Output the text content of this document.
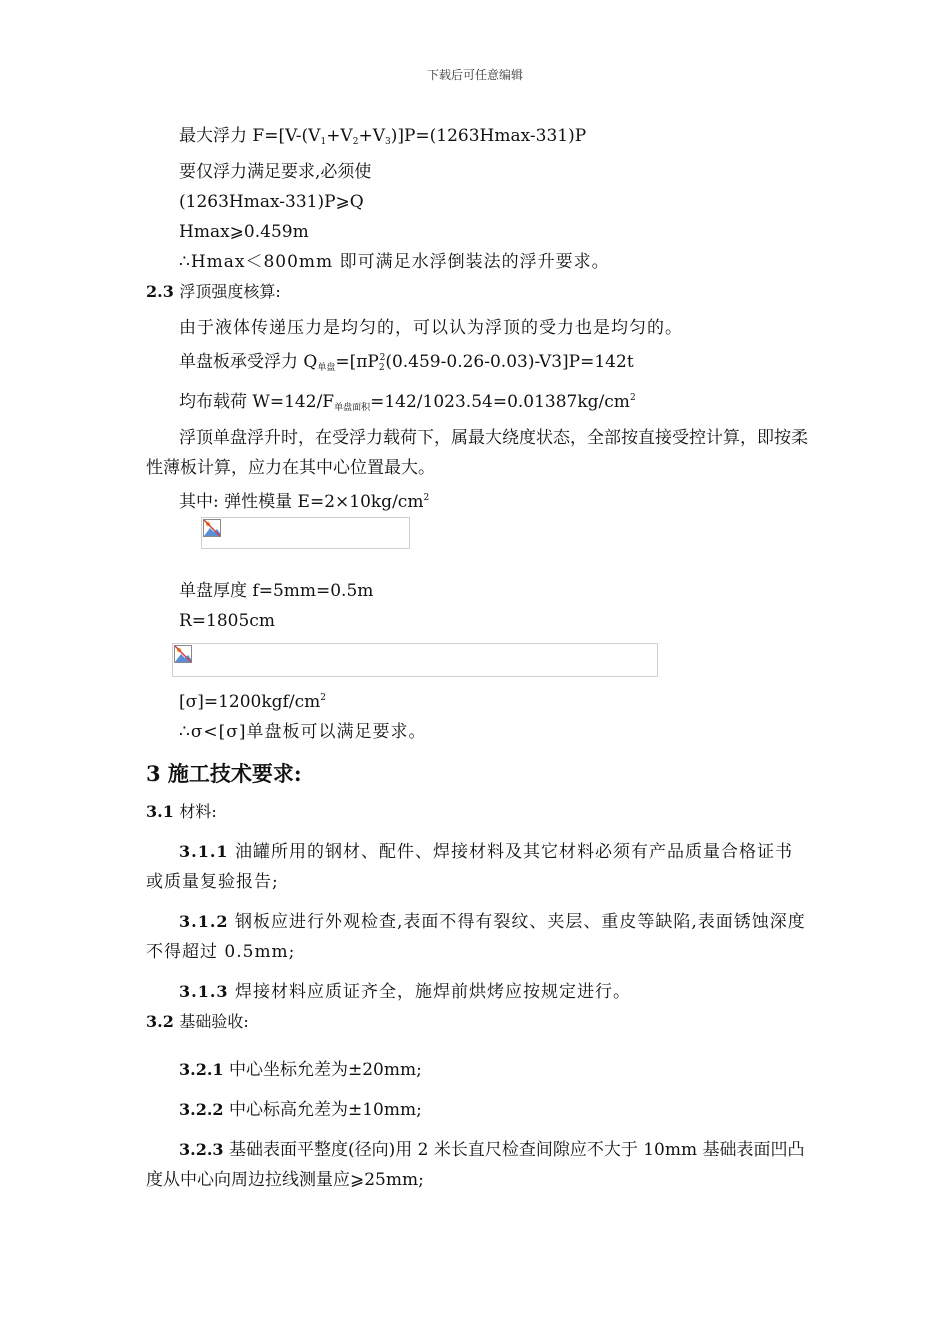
下载后可任意编辑

最大浮力 $F=[V-(V_1+V_2+V_3)]P=(1263Hmax-331)P$

要仅浮力满足要求,必须使

(1263Hmax-331)P⩾Q

Hmax⩾0.459m

∴Hmax＜800mm 即可满足水浮倒装法的浮升要求。

2.3 浮顶强度核算:

由于液体传递压力是均匀的，可以认为浮顶的受力也是均匀的。

单盘板承受浮力 $Q_{单盘}=[\pi P_2^2(0.459-0.26-0.03)-V3]P=142t$

均布载荷 $W=142/F_{单盘面积}=142/1023.54=0.01387kg/cm^2$

浮顶单盘浮升时，在受浮力载荷下，属最大绕度状态，全部按直接受控计算，即按柔性薄板计算，应力在其中心位置最大。

其中: 弹性模量 $E=2\times 10kg/cm^2$

单盘厚度 f=5mm=0.5m

R=1805cm

$[\sigma]=1200kgf/cm^2$

∴σ<[σ]单盘板可以满足要求。

3 施工技术要求:

3.1 材料:

3.1.1 油罐所用的钢材、配件、焊接材料及其它材料必须有产品质量合格证书或质量复验报告;

3.1.2 钢板应进行外观检查,表面不得有裂纹、夹层、重皮等缺陷,表面锈蚀深度不得超过 0.5mm;

3.1.3 焊接材料应质证齐全，施焊前烘烤应按规定进行。

3.2 基础验收:

3.2.1 中心坐标允差为±20mm;

3.2.2 中心标高允差为±10mm;

3.2.3 基础表面平整度(径向)用 2 米长直尺检查间隙应不大于 10mm 基础表面凹凸度从中心向周边拉线测量应⩾25mm;
